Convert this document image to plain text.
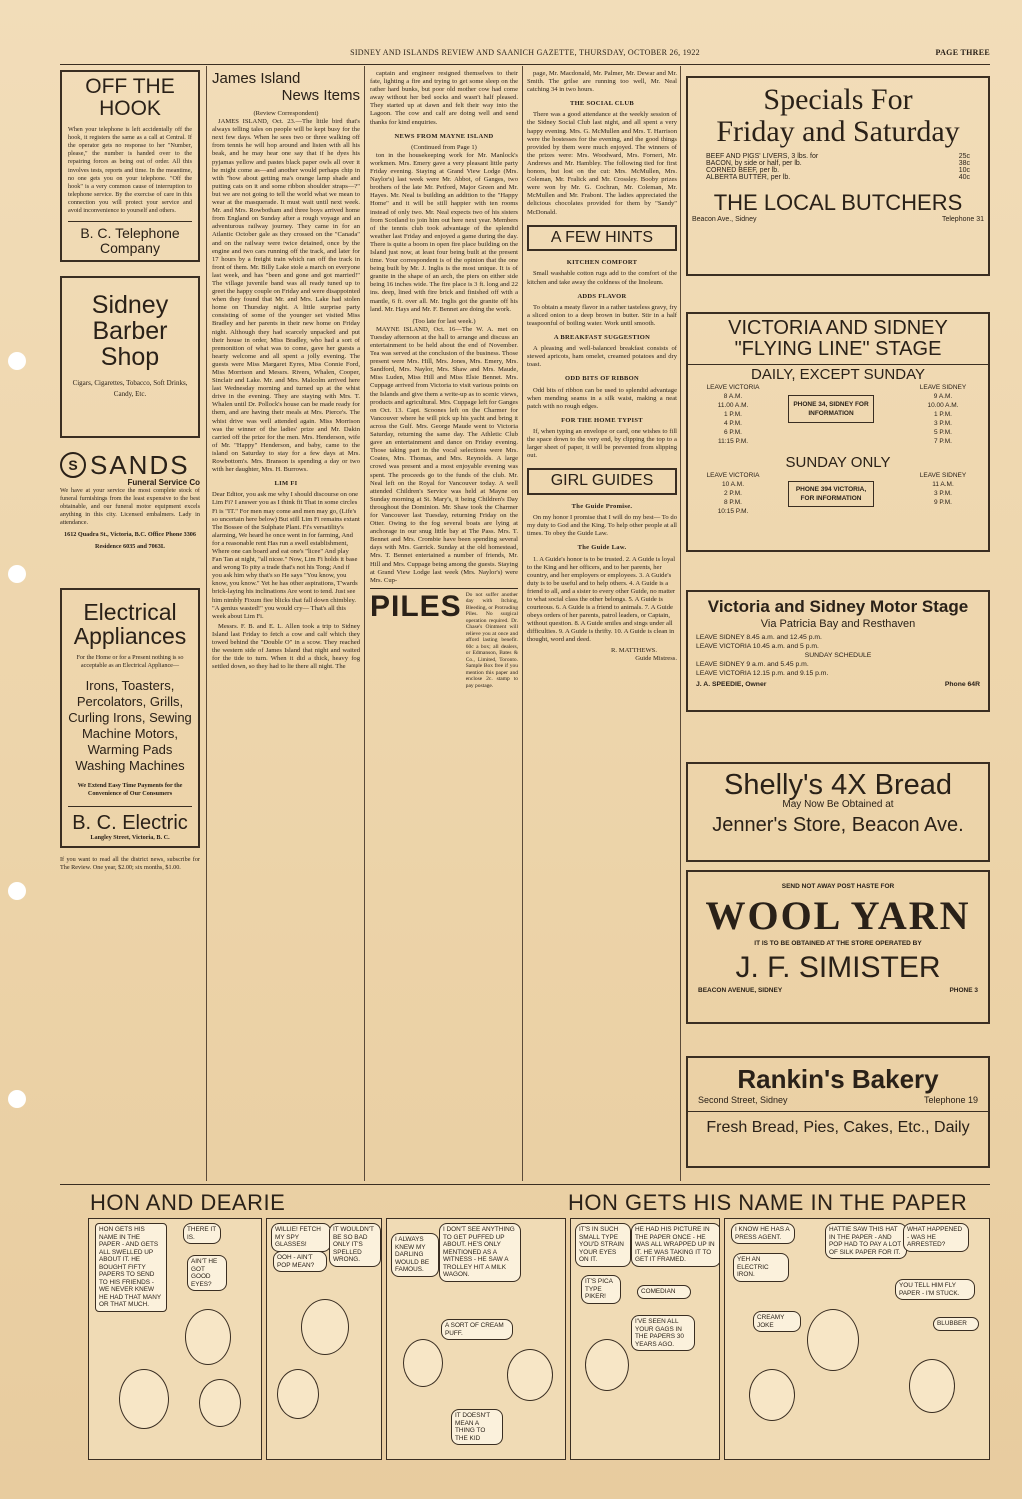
SIDNEY AND ISLANDS REVIEW AND SAANICH GAZETTE, THURSDAY, OCTOBER 26, 1922	PAGE THREE
OFF THE
HOOK
When your telephone is left accidentally off the hook, it registers the same as a call at Central. If the operator gets no response to her "Number, please," the number is handed over to the repairing forces as being out of order. All this involves tests, reports and time. In the meantime, no one gets you on your telephone. "Off the hook" is a very common cause of interruption to telephone service. By the exercise of care in this connection you will protect your service and avoid inconvenience to yourself and others.
B. C. Telephone Company
Sidney
Barber
Shop
Cigars, Cigarettes, Tobacco, Soft Drinks, Candy, Etc.
S SANDS
Funeral Service Co
We have at your service the most complete stock of funeral furnishings from the least expensive to the best obtainable, and our funeral motor equipment excels anything in this city. Licensed embalmers. Lady in attendance.
1612 Quadra St., Victoria, B.C. Office Phone 3306
Residence 6035 and 7063L
Electrical
Appliances
For the Home or for a Present nothing is so acceptable as an Electrical Appliance—
Irons, Toasters, Percolators, Grills, Curling Irons, Sewing Machine Motors, Warming Pads Washing Machines
We Extend Easy Time Payments for the Convenience of Our Consumers
B. C. Electric
Langley Street, Victoria, B. C.
If you want to read all the district news, subscribe for The Review. One year, $2.00; six months, $1.00.
James Island
News Items
(Review Correspondent)

JAMES ISLAND, Oct. 23.—The little bird that's always telling tales on people will be kept busy for the next few days. When he sees two or three walking off from tennis he will hop around and listen with all his beak, and he may hear one say that if he dyes his pyjamas yellow and pastes black paper owls all over it he might come as—and another would perhaps chip in with "how about getting ma's orange lamp shade and putting cats on it and some ribbon shoulder straps—?" but we are not going to tell the world what we mean to wear at the masquerade. It must wait until next week. Mr. and Mrs. Rowbotham and three boys arrived home from England on Sunday after a rough voyage and an adventurous railway journey. They came in for an Atlantic October gale as they crossed on the "Canada" and on the railway were twice detained, once by the engine and two cars running off the track, and later for 17 hours by a freight train which ran off the track in front of them. Mr. Billy Lake stole a march on everyone last week, and has "been and gone and got married!" The village juvenile band was all ready tuned up to greet the happy couple on Friday and were disappointed when they found that Mr. and Mrs. Lake had stolen home on Thursday night. A little surprise party consisting of some of the younger set visited Miss Bradley and her parents in their new home on Friday night. Although they had scarcely unpacked and put their house in order, Miss Bradley, who had a sort of premonition of what was to come, gave her guests a hearty welcome and all spent a jolly evening. The guests were Miss Margaret Eyres, Miss Connie Ford, Miss Morrison and Messrs. Rivers, Whalen, Cooper, Sinclair and Lake. Mr. and Mrs. Malcolm arrived here last Wednesday morning and turned up at the whist drive in the evening. They are staying with Mrs. T. Whalen until Dr. Pollock's house can be made ready for them, and are having their meals at Mrs. Pierce's. The whist drive was well attended again. Miss Morrison was the winner of the ladies' prize and Mr. Dakin carried off the prize for the men. Mrs. Henderson, wife of Mr. "Happy" Henderson, and baby, came to the island on Saturday to stay for a few days at Mrs. Rowbottom's. Mrs. Branson is spending a day or two with her daughter, Mrs. H. Burrows.

LIM FI

Dear Editor, you ask me why I should discourse on one Lim Fi? I answer you as I think fit That in some circles Fi is "IT." For men may come and men may go, (Life's so uncertain here below) But still Lim Fi remains extant The Bossee of the Sulphate Plant. Fi's versatility's alarming, We heard he once went in for farming, And for a reasonable rent Has run a swell establishment, Where one can board and eat one's "licee" And play Fan Tan at night, "all nicee." Now, Lim Fi holds it base and wrong To pity a trade that's not his Tong; And if you ask him why that's so He says "You know, you know, you know." Yet he has other aspirations, T'wards brick-laying his inclinations Are wont to tend. Just see him nimbly Fixum fiee blicks that fall down chimbley. "A genius wasted!" you would cry— That's all this week about Lim Fi.

Messrs. F. B. and E. L. Allen took a trip to Sidney Island last Friday to fetch a cow and calf which they towed behind the "Double O" in a scow. They reached the western side of James Island that night and waited for the tide to turn. When it did a thick, heavy fog settled down, so they had to lie there all night. The

captain and engineer resigned themselves to their fate, lighting a fire and trying to get some sleep on the rather hard bunks, but poor old mother cow had come away without her bed socks and wasn't half pleased. They started up at dawn and felt their way into the Lagoon. The cow and calf are doing well and send thanks for kind enquiries.

NEWS FROM MAYNE ISLAND
(Continued from Page 1)

ton in the housekeeping work for Mr. Manlock's workmen. Mrs. Emery gave a very pleasant little party Friday evening. Staying at Grand View Lodge (Mrs. Naylor's) last week were Mr. Abbot, of Ganges, two brothers of the late Mr. Petford, Major Green and Mr. Hayes. Mr. Neal is building an addition to the "Happy Home" and it will be still happier with ten rooms instead of only two. Mr. Neal expects two of his sisters from Scotland to join him out here next year. Members of the tennis club took advantage of the splendid weather last Friday and enjoyed a game during the day. There is quite a boom in open fire place building on the Island just now, at least four being built at the present time. Your correspondent is of the opinion that the one being built by Mr. J. Inglis is the most unique. It is of granite in the shape of an arch, the piers on either side being 16 inches wide. The fire place is 3 ft. long and 22 ins. deep, lined with fire brick and finished off with a mantle, 6 ft. over all. Mr. Inglis got the granite off his land. Mr. Hays and Mr. F. Bennet are doing the work.

(Too late for last week.)

MAYNE ISLAND, Oct. 16—The W. A. met on Tuesday afternoon at the hall to arrange and discuss an entertainment to be held about the end of November. Tea was served at the conclusion of the business. Those present were Mrs. Hill, Mrs. Jones, Mrs. Emery, Mrs. Sandford, Mrs. Naylor, Mrs. Shaw and Mrs. Maude, Miss Luden, Miss Hill and Miss Elsie Bennet. Mrs. Cuppage arrived from Victoria to visit various points on the Islands and give them a write-up as to scenic views, products and agricultural. Mrs. Cuppage left for Ganges on Oct. 13. Capt. Scoones left on the Charmer for Vancouver where he will pick up his yacht and bring it across the Gulf. Mrs. George Maude went to Victoria Saturday, returning the same day. The Athletic Club gave an entertainment and dance on Friday evening. Those taking part in the vocal selections were Mrs. Coates, Mrs. Thomas, and Mrs. Reynolds. A large crowd was present and a most enjoyable evening was spent. The proceeds go to the funds of the club. Mr. Neal left on the Royal for Vancouver today. A well attended Children's Service was held at Mayne on Sunday morning at St. Mary's, it being Children's Day throughout the Dominion. Mr. Shaw took the Charmer for Vancouver last Tuesday, returning Friday on the Otter. Owing to the fog several boats are lying at anchorage in our snug little bay at The Pass. Mrs. T. Bennet and Mrs. Crombie have been spending several days with Mrs. Garrick. Sunday at the old homestead, Mrs. T. Bennet entertained a number of friends, Mr. Hill and Mrs. Cuppage being among the guests. Staying at Grand View Lodge last week (Mrs. Naylor's) were Mrs. Cup-

PILES Do not suffer another day with Itching, Bleeding, or Protruding Piles. No surgical operation required. Dr. Chase's Ointment will relieve you at once and afford lasting benefit. 60c a box; all dealers, or Edmanson, Bates & Co., Limited, Toronto. Sample Box free if you mention this paper and enclose 2c. stamp to pay postage.

page, Mr. Macdonald, Mr. Palmer, Mr. Dewar and Mr. Smith. The grilse are running too well, Mr. Neal catching 34 in two hours.

THE SOCIAL CLUB

There was a good attendance at the weekly session of the Sidney Social Club last night, and all spent a very happy evening. Mrs. G. McMullen and Mrs. T. Harrison were the hostesses for the evening, and the good things provided by them were much enjoyed. The winners of the prizes were: Mrs. Woodward, Mrs. Forneri, Mr. Andrews and Mr. Hambley. The following tied for first honors, but lost on the cut: Mrs. McMullen, Mrs. Coleman, Mr. Fralick and Mr. Crossley. Booby prizes were won by Mr. G. Cochran, Mr. Coleman, Mr. McMullen and Mr. Fraboni. The ladies appreciated the delicious chocolates provided for them by "Sandy" McDonald.

A FEW HINTS
KITCHEN COMFORT

Small washable cotton rugs add to the comfort of the kitchen and take away the coldness of the linoleum.

ADDS FLAVOR

To obtain a meaty flavor in a rather tasteless gravy, fry a sliced onion to a deep brown in butter. Stir in a half teaspoonful of boiling water. Work until smooth.

A BREAKFAST SUGGESTION

A pleasing and well-balanced breakfast consists of stewed apricots, ham omelet, creamed potatoes and dry toast.

ODD BITS OF RIBBON

Odd bits of ribbon can be used to splendid advantage when mending seams in a silk waist, making a neat patch with no rough edges.

FOR THE HOME TYPIST

If, when typing an envelope or card, one wishes to fill the space down to the very end, by clipping the top to a larger sheet of paper, it will be prevented from slipping out.

GIRL GUIDES
The Guide Promise.

On my honor I promise that I will do my best— To do my duty to God and the King. To help other people at all times. To obey the Guide Law.

The Guide Law.

1. A Guide's honor is to be trusted. 2. A Guide is loyal to the King and her officers, and to her parents, her country, and her employers or employees. 3. A Guide's duty is to be useful and to help others. 4. A Guide is a friend to all, and a sister to every other Guide, no matter to what social class the other belongs. 5. A Guide is courteous. 6. A Guide is a friend to animals. 7. A Guide obeys orders of her parents, patrol leaders, or Captain, without question. 8. A Guide smiles and sings under all difficulties. 9. A Guide is thrifty. 10. A Guide is clean in thought, word and deed.

R. MATTHEWS.
Guide Mistress.
Specials For
Friday and Saturday
BEEF AND PIGS' LIVERS, 3 lbs. for	25c
BACON, by side or half, per lb.	38c
CORNED BEEF, per lb.	10c
ALBERTA BUTTER, per lb.	40c
THE LOCAL BUTCHERS
Beacon Ave., Sidney	Telephone 31
VICTORIA AND SIDNEY
"FLYING LINE" STAGE
DAILY, EXCEPT SUNDAY
LEAVE VICTORIA
8 A.M.
11.00 A.M.
1 P.M.
4 P.M.
6 P.M.
11:15 P.M.
PHONE 34, SIDNEY FOR INFORMATION
LEAVE SIDNEY
9 A.M.
10.00 A.M.
1 P.M.
3 P.M.
5 P.M.
7 P.M.
SUNDAY ONLY
LEAVE VICTORIA
10 A.M.
2 P.M.
8 P.M.
10:15 P.M.
PHONE 394 VICTORIA, FOR INFORMATION
LEAVE SIDNEY
11 A.M.
3 P.M.
9 P.M.
Victoria and Sidney Motor Stage
Via Patricia Bay and Resthaven
LEAVE SIDNEY 8.45 a.m. and 12.45 p.m.
LEAVE VICTORIA 10.45 a.m. and 5 p.m.
SUNDAY SCHEDULE
LEAVE SIDNEY 9 a.m. and 5.45 p.m.
LEAVE VICTORIA 12.15 p.m. and 9.15 p.m.
J. A. SPEEDIE, Owner	Phone 64R
Shelly's 4X Bread
May Now Be Obtained at
Jenner's Store, Beacon Ave.
SEND NOT AWAY POST HASTE FOR
WOOL YARN
IT IS TO BE OBTAINED AT THE STORE OPERATED BY
J. F. SIMISTER
BEACON AVENUE, SIDNEY	PHONE 3
Rankin's Bakery
Second Street, Sidney	Telephone 19
Fresh Bread, Pies, Cakes, Etc., Daily
HON AND DEARIE	HON GETS HIS NAME IN THE PAPER
HON GETS HIS NAME IN THE PAPER - AND GETS ALL SWELLED UP ABOUT IT. HE BOUGHT FIFTY PAPERS TO SEND TO HIS FRIENDS - WE NEVER KNEW HE HAD THAT MANY OR THAT MUCH.
THERE IT IS.
AIN'T HE GOT GOOD EYES?
WILLIE! FETCH MY SPY GLASSES!
OOH - AIN'T POP MEAN?
IT WOULDN'T BE SO BAD ONLY IT'S SPELLED WRONG.
I ALWAYS KNEW MY DARLING WOULD BE FAMOUS.
I DON'T SEE ANYTHING TO GET PUFFED UP ABOUT. HE'S ONLY MENTIONED AS A WITNESS - HE SAW A TROLLEY HIT A MILK WAGON.
A SORT OF CREAM PUFF.
IT DOESN'T MEAN A THING TO THE KID
IT'S IN SUCH SMALL TYPE YOU'D STRAIN YOUR EYES ON IT.
IT'S PICA TYPE PIKER!
HE HAD HIS PICTURE IN THE PAPER ONCE - HE WAS ALL WRAPPED UP IN IT. HE WAS TAKING IT TO GET IT FRAMED.
COMEDIAN
I'VE SEEN ALL YOUR GAGS IN THE PAPERS 30 YEARS AGO.
I KNOW HE HAS A PRESS AGENT.
YEH AN ELECTRIC IRON.
HATTIE SAW THIS HAT IN THE PAPER - AND POP HAD TO PAY A LOT OF SILK PAPER FOR IT.
WHAT HAPPENED - WAS HE ARRESTED?
YOU TELL HIM FLY PAPER - I'M STUCK.
BLUBBER
CREAMY JOKE
